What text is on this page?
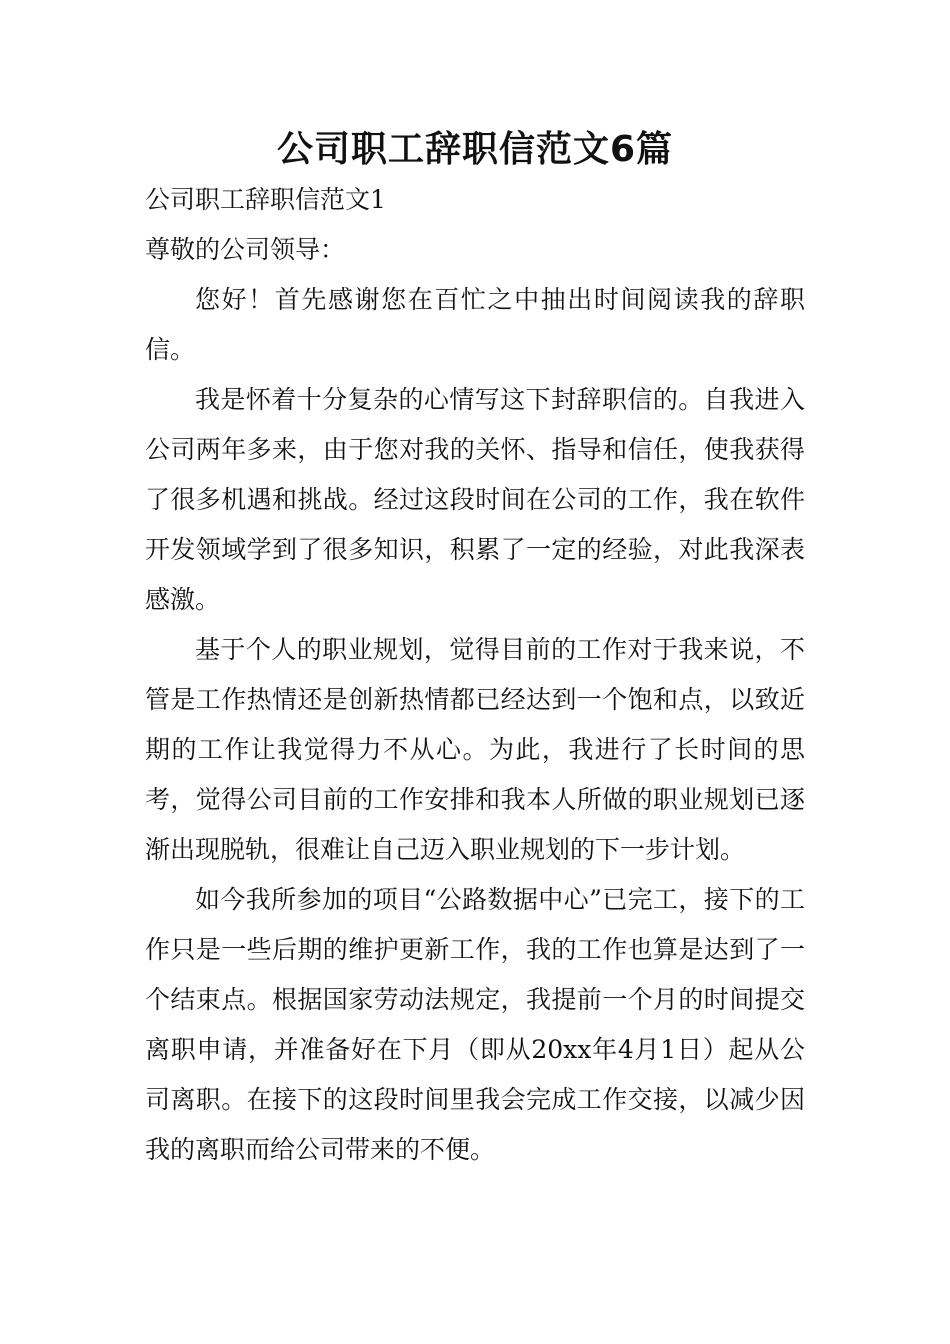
公司职工辞职信范文6篇
公司职工辞职信范文1
尊敬的公司领导：

您好！首先感谢您在百忙之中抽出时间阅读我的辞职信。

我是怀着十分复杂的心情写这下封辞职信的。自我进入公司两年多来，由于您对我的关怀、指导和信任，使我获得了很多机遇和挑战。经过这段时间在公司的工作，我在软件开发领域学到了很多知识，积累了一定的经验，对此我深表感激。

基于个人的职业规划，觉得目前的工作对于我来说，不管是工作热情还是创新热情都已经达到一个饱和点，以致近期的工作让我觉得力不从心。为此，我进行了长时间的思考，觉得公司目前的工作安排和我本人所做的职业规划已逐渐出现脱轨，很难让自己迈入职业规划的下一步计划。

如今我所参加的项目“公路数据中心”已完工，接下的工作只是一些后期的维护更新工作，我的工作也算是达到了一个结束点。根据国家劳动法规定，我提前一个月的时间提交离职申请，并准备好在下月（即从20xx年4月1日）起从公司离职。在接下的这段时间里我会完成工作交接，以减少因我的离职而给公司带来的不便。
